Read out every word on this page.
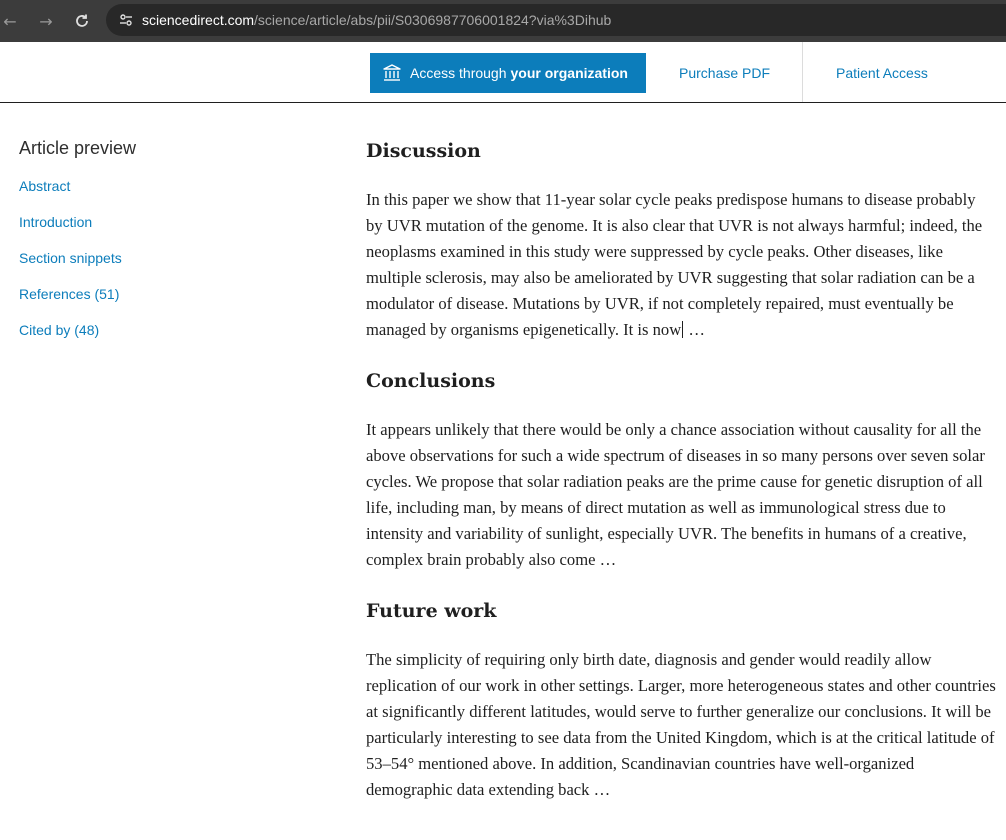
←	→	sciencedirect.com/science/article/abs/pii/S0306987706001824?via%3Dihub
Access through your organization	Purchase PDF	Patient Access
Article preview
Abstract
Introduction
Section snippets
References (51)
Cited by (48)
Discussion

In this paper we show that 11-year solar cycle peaks predispose humans to disease probably by UVR mutation of the genome. It is also clear that UVR is not always harmful; indeed, the neoplasms examined in this study were suppressed by cycle peaks. Other diseases, like multiple sclerosis, may also be ameliorated by UVR suggesting that solar radiation can be a modulator of disease. Mutations by UVR, if not completely repaired, must eventually be managed by organisms epigenetically. It is now …

Conclusions

It appears unlikely that there would be only a chance association without causality for all the above observations for such a wide spectrum of diseases in so many persons over seven solar cycles. We propose that solar radiation peaks are the prime cause for genetic disruption of all life, including man, by means of direct mutation as well as immunological stress due to intensity and variability of sunlight, especially UVR. The benefits in humans of a creative, complex brain probably also come …

Future work

The simplicity of requiring only birth date, diagnosis and gender would readily allow replication of our work in other settings. Larger, more heterogeneous states and other countries at significantly different latitudes, would serve to further generalize our conclusions. It will be particularly interesting to see data from the United Kingdom, which is at the critical latitude of 53–54° mentioned above. In addition, Scandinavian countries have well-organized demographic data extending back …
